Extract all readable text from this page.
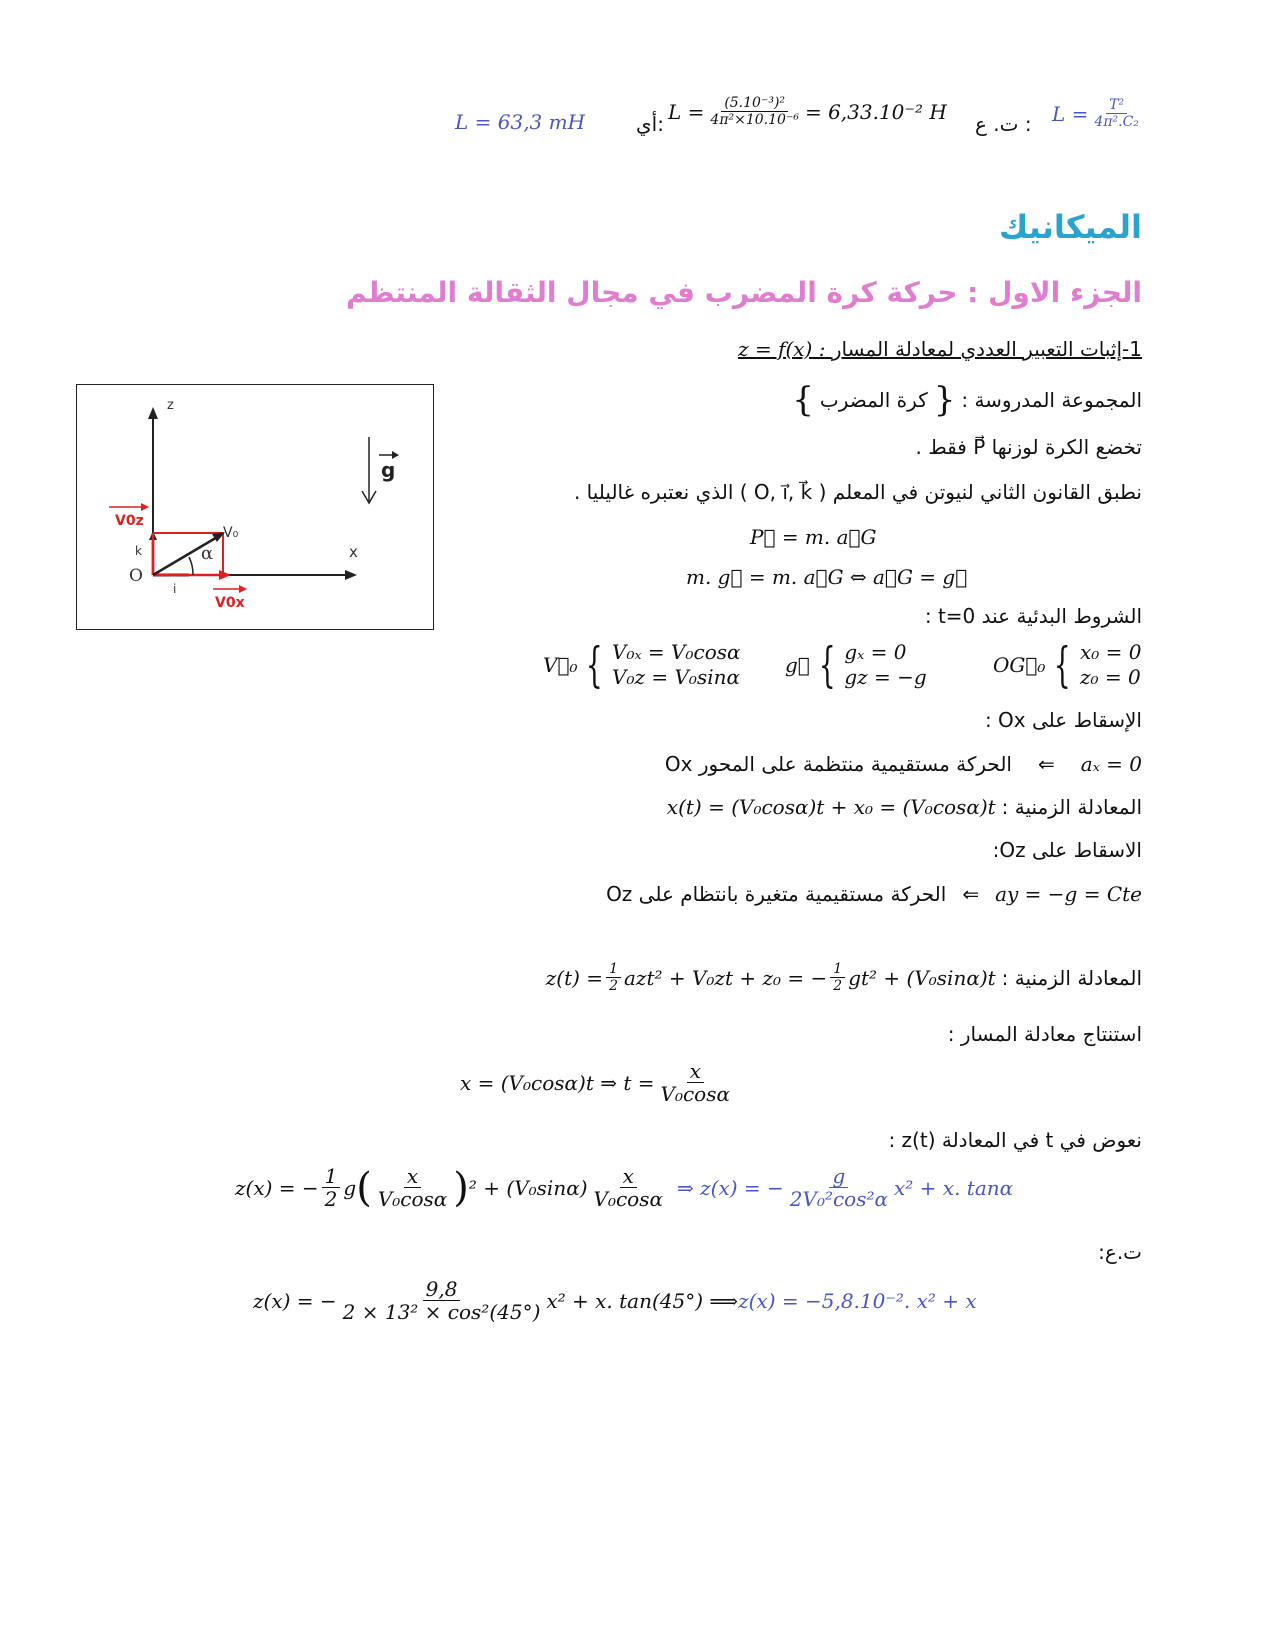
L = 63,3 mH	أي: $L = \frac{\text{(5.10⁻³)²}}{\text{4π²×10.10⁻⁶}} = 6,33.10^{-2}$ H ت. ع : $L = \frac{\text{T²}}{\text{4π².C₂}}$
الميكانيك
الجزء الاول : حركة كرة المضرب في مجال الثقالة المنتظم
1-إثبات التعبير العددي لمعادلة المسار z = f(x) :
المجموعة المدروسة :
{
كرة المضرب
}
تخضع الكرة لوزنها P⃗ فقط .
نطبق القانون الثاني لنيوتن في المعلم ( O, i⃗, k⃗ ) الذي نعتبره غاليليا .
P⃗ = m. a⃗G
m. g⃗ = m. a⃗G ⇔ a⃗G = g⃗
الشروط البدئية عند t=0 :
V⃗₀ { V₀ₓ = V₀cosα
V₀z = V₀sinα g⃗ { gₓ = 0
gz = −g	OG⃗₀ { x₀ = 0
z₀ = 0
الإسقاط على Ox :
aₓ = 0
⇐
الحركة مستقيمية منتظمة على المحور Ox
المعادلة الزمنية :
x(t) = (V₀cosα)t + x₀ = (V₀cosα)t
الاسقاط على Oz:
ay = −g = Cte
⇐
الحركة مستقيمية متغيرة بانتظام على Oz
المعادلة الزمنية :
$z(t) = \frac{1}{2} azt^2 + V_0zt + z_0$ = − $\frac{1}{2} gt^2 + (V_0\sin\alpha)t$
استنتاج معادلة المسار :
x = (V₀cosα)t ⇒ $t = \frac{x}{\text{V₀cosα}}$
نعوض في t في المعادلة z(t) :
z(x) = − $\frac{1}{2}$ g ( $\frac{x}{\text{V₀cosα}}$ ) $^2 + (V_0\sin\alpha) \frac{x}{\text{V₀cosα}}$ ⇒ z(x) = − $\frac{g}{\text{2V₀²cos²α}} x^2 + x$. tanα
ت.ع:
z(x) = − $\frac{9,8}{\text{2 × 13² × cos²(45°)}} x^2 + x$. tan(45°) ⟹ z(x) = −5,8.10⁻². x² + x
z
x
O
k
i
V₀
α
V0z
V0x
g
